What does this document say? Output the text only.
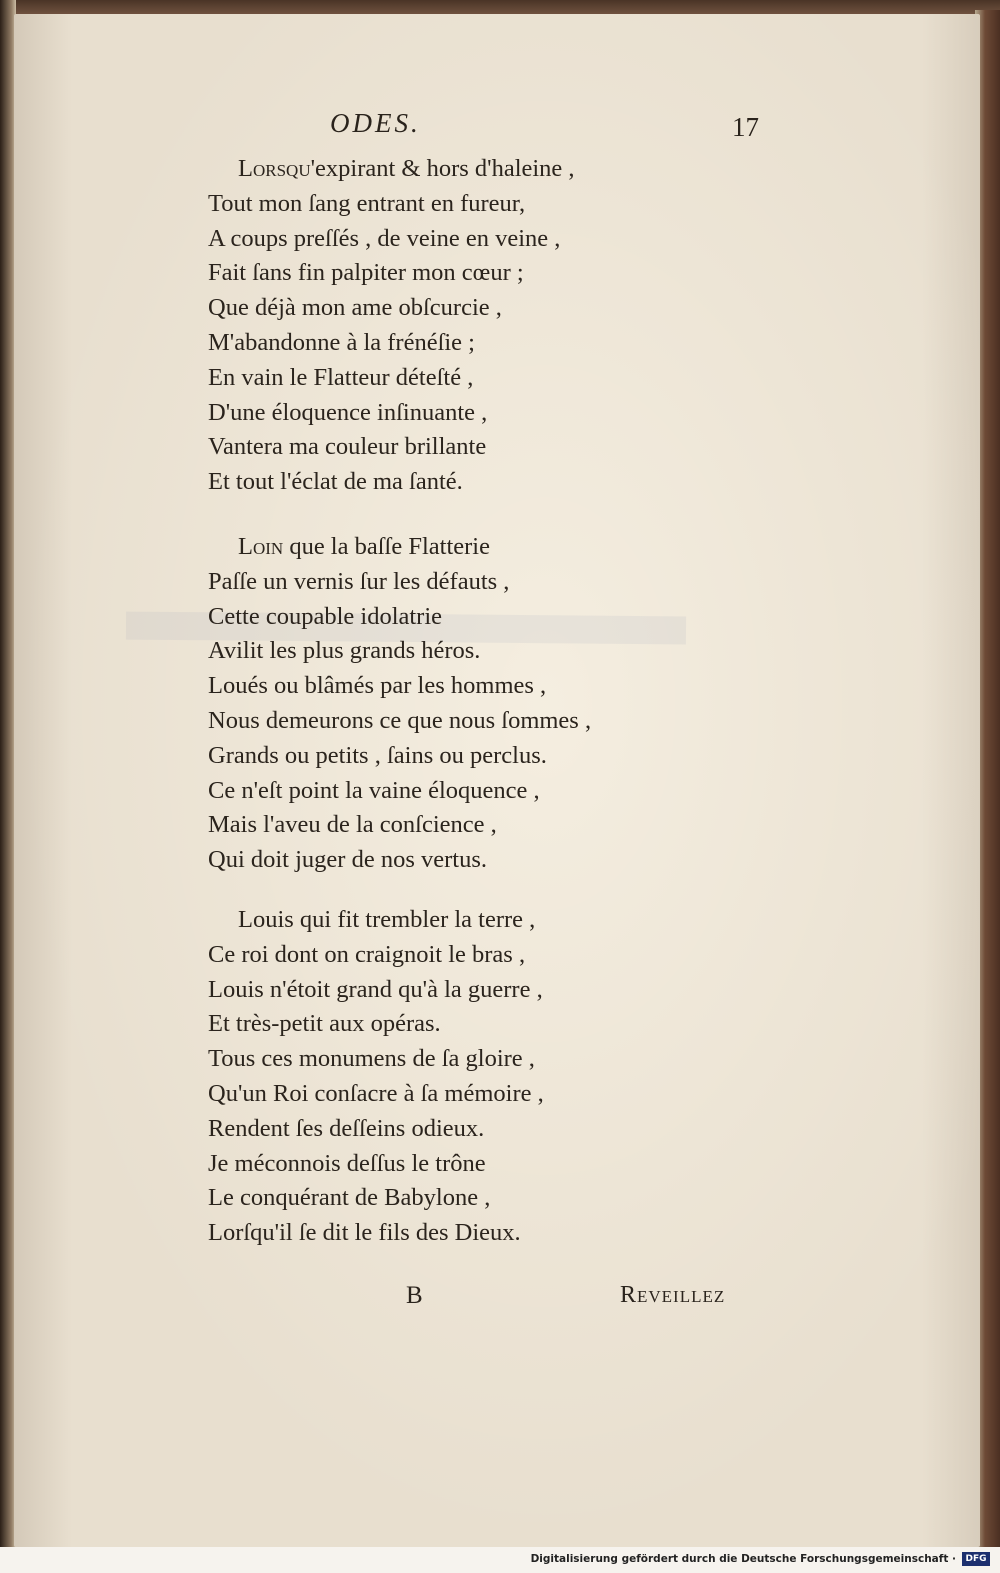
ODES.	17
Lorsqu'expirant & hors d'haleine ,
Tout mon ſang entrant en fureur,
A coups preſſés , de veine en veine ,
Fait ſans fin palpiter mon cœur ;
Que déjà mon ame obſcurcie ,
M'abandonne à la frénéſie ;
En vain le Flatteur déteſté ,
D'une éloquence inſinuante ,
Vantera ma couleur brillante
Et tout l'éclat de ma ſanté.
Loin que la baſſe Flatterie
Paſſe un vernis ſur les défauts ,
Cette coupable idolatrie
Avilit les plus grands héros.
Loués ou blâmés par les hommes ,
Nous demeurons ce que nous ſommes ,
Grands ou petits , ſains ou perclus.
Ce n'eſt point la vaine éloquence ,
Mais l'aveu de la conſcience ,
Qui doit juger de nos vertus.
Louis qui fit trembler la terre ,
Ce roi dont on craignoit le bras ,
Louis n'étoit grand qu'à la guerre ,
Et très-petit aux opéras.
Tous ces monumens de ſa gloire ,
Qu'un Roi conſacre à ſa mémoire ,
Rendent ſes deſſeins odieux.
Je méconnois deſſus le trône
Le conquérant de Babylone ,
Lorſqu'il ſe dit le fils des Dieux.
B	Reveillez
Digitalisierung gefördert durch die Deutsche Forschungsgemeinschaft ·	DFG
